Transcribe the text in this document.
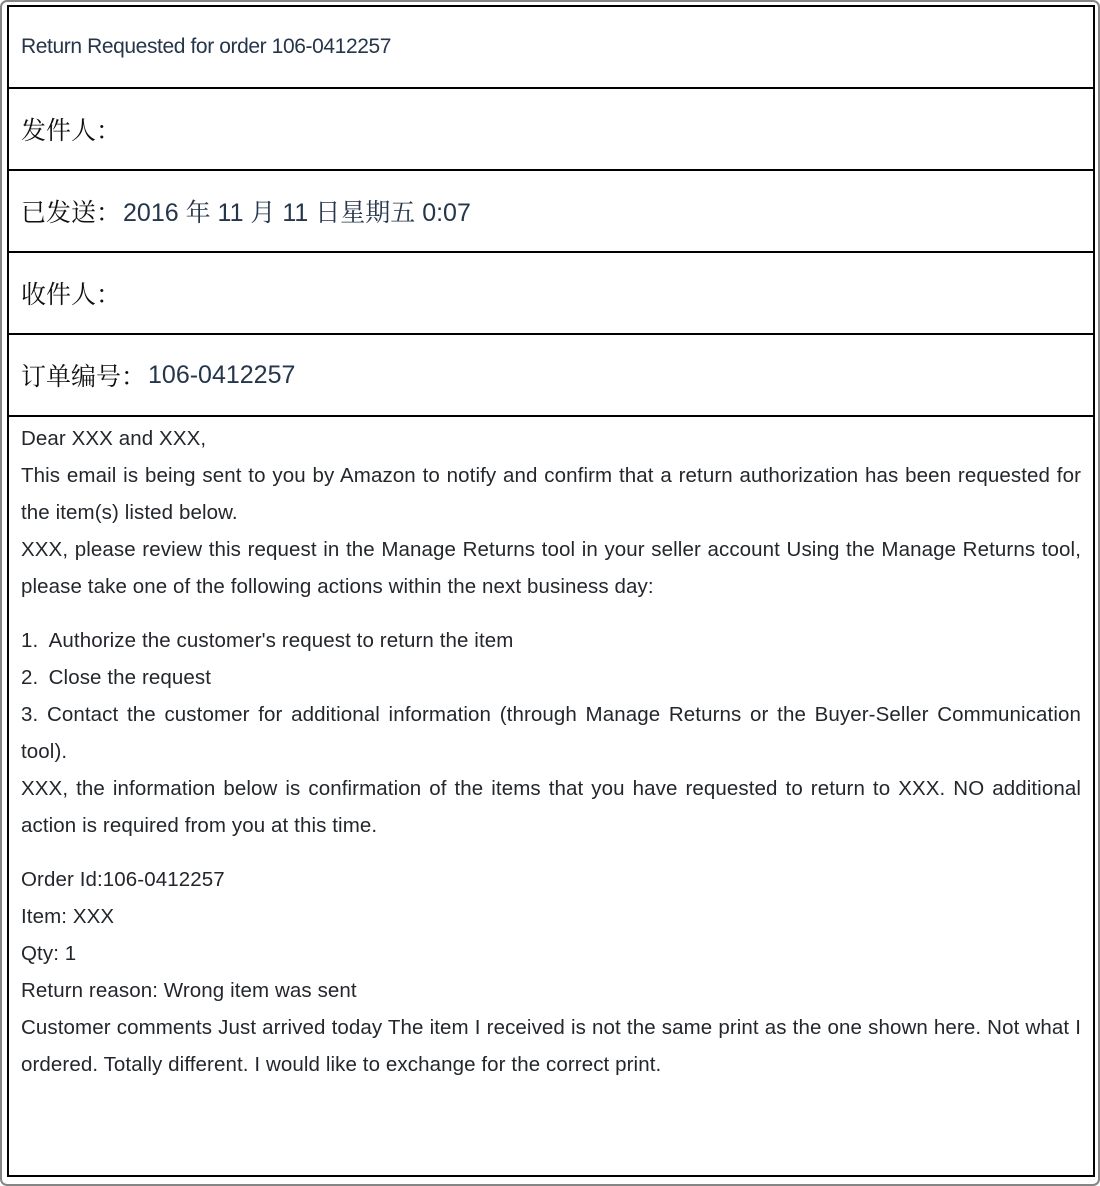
Return Requested for order 106-0412257
发件人：
已发送： 2016 年 11 月 11 日星期五 0:07
收件人：
订单编号： 106-0412257

Dear XXX and XXX,

This email is being sent to you by Amazon to notify and confirm that a return authorization has been requested for the item(s) listed below.

XXX, please review this request in the Manage Returns tool in your seller account Using the Manage Returns tool, please take one of the following actions within the next business day:

1. Authorize the customer's request to return the item
2. Close the request
3. Contact the customer for additional information (through Manage Returns or the Buyer-Seller Communication tool).

XXX, the information below is confirmation of the items that you have requested to return to XXX. NO additional action is required from you at this time.

Order Id:106-0412257
Item: XXX
Qty: 1
Return reason: Wrong item was sent

Customer comments Just arrived today The item I received is not the same print as the one shown here. Not what I ordered. Totally different. I would like to exchange for the correct print.
